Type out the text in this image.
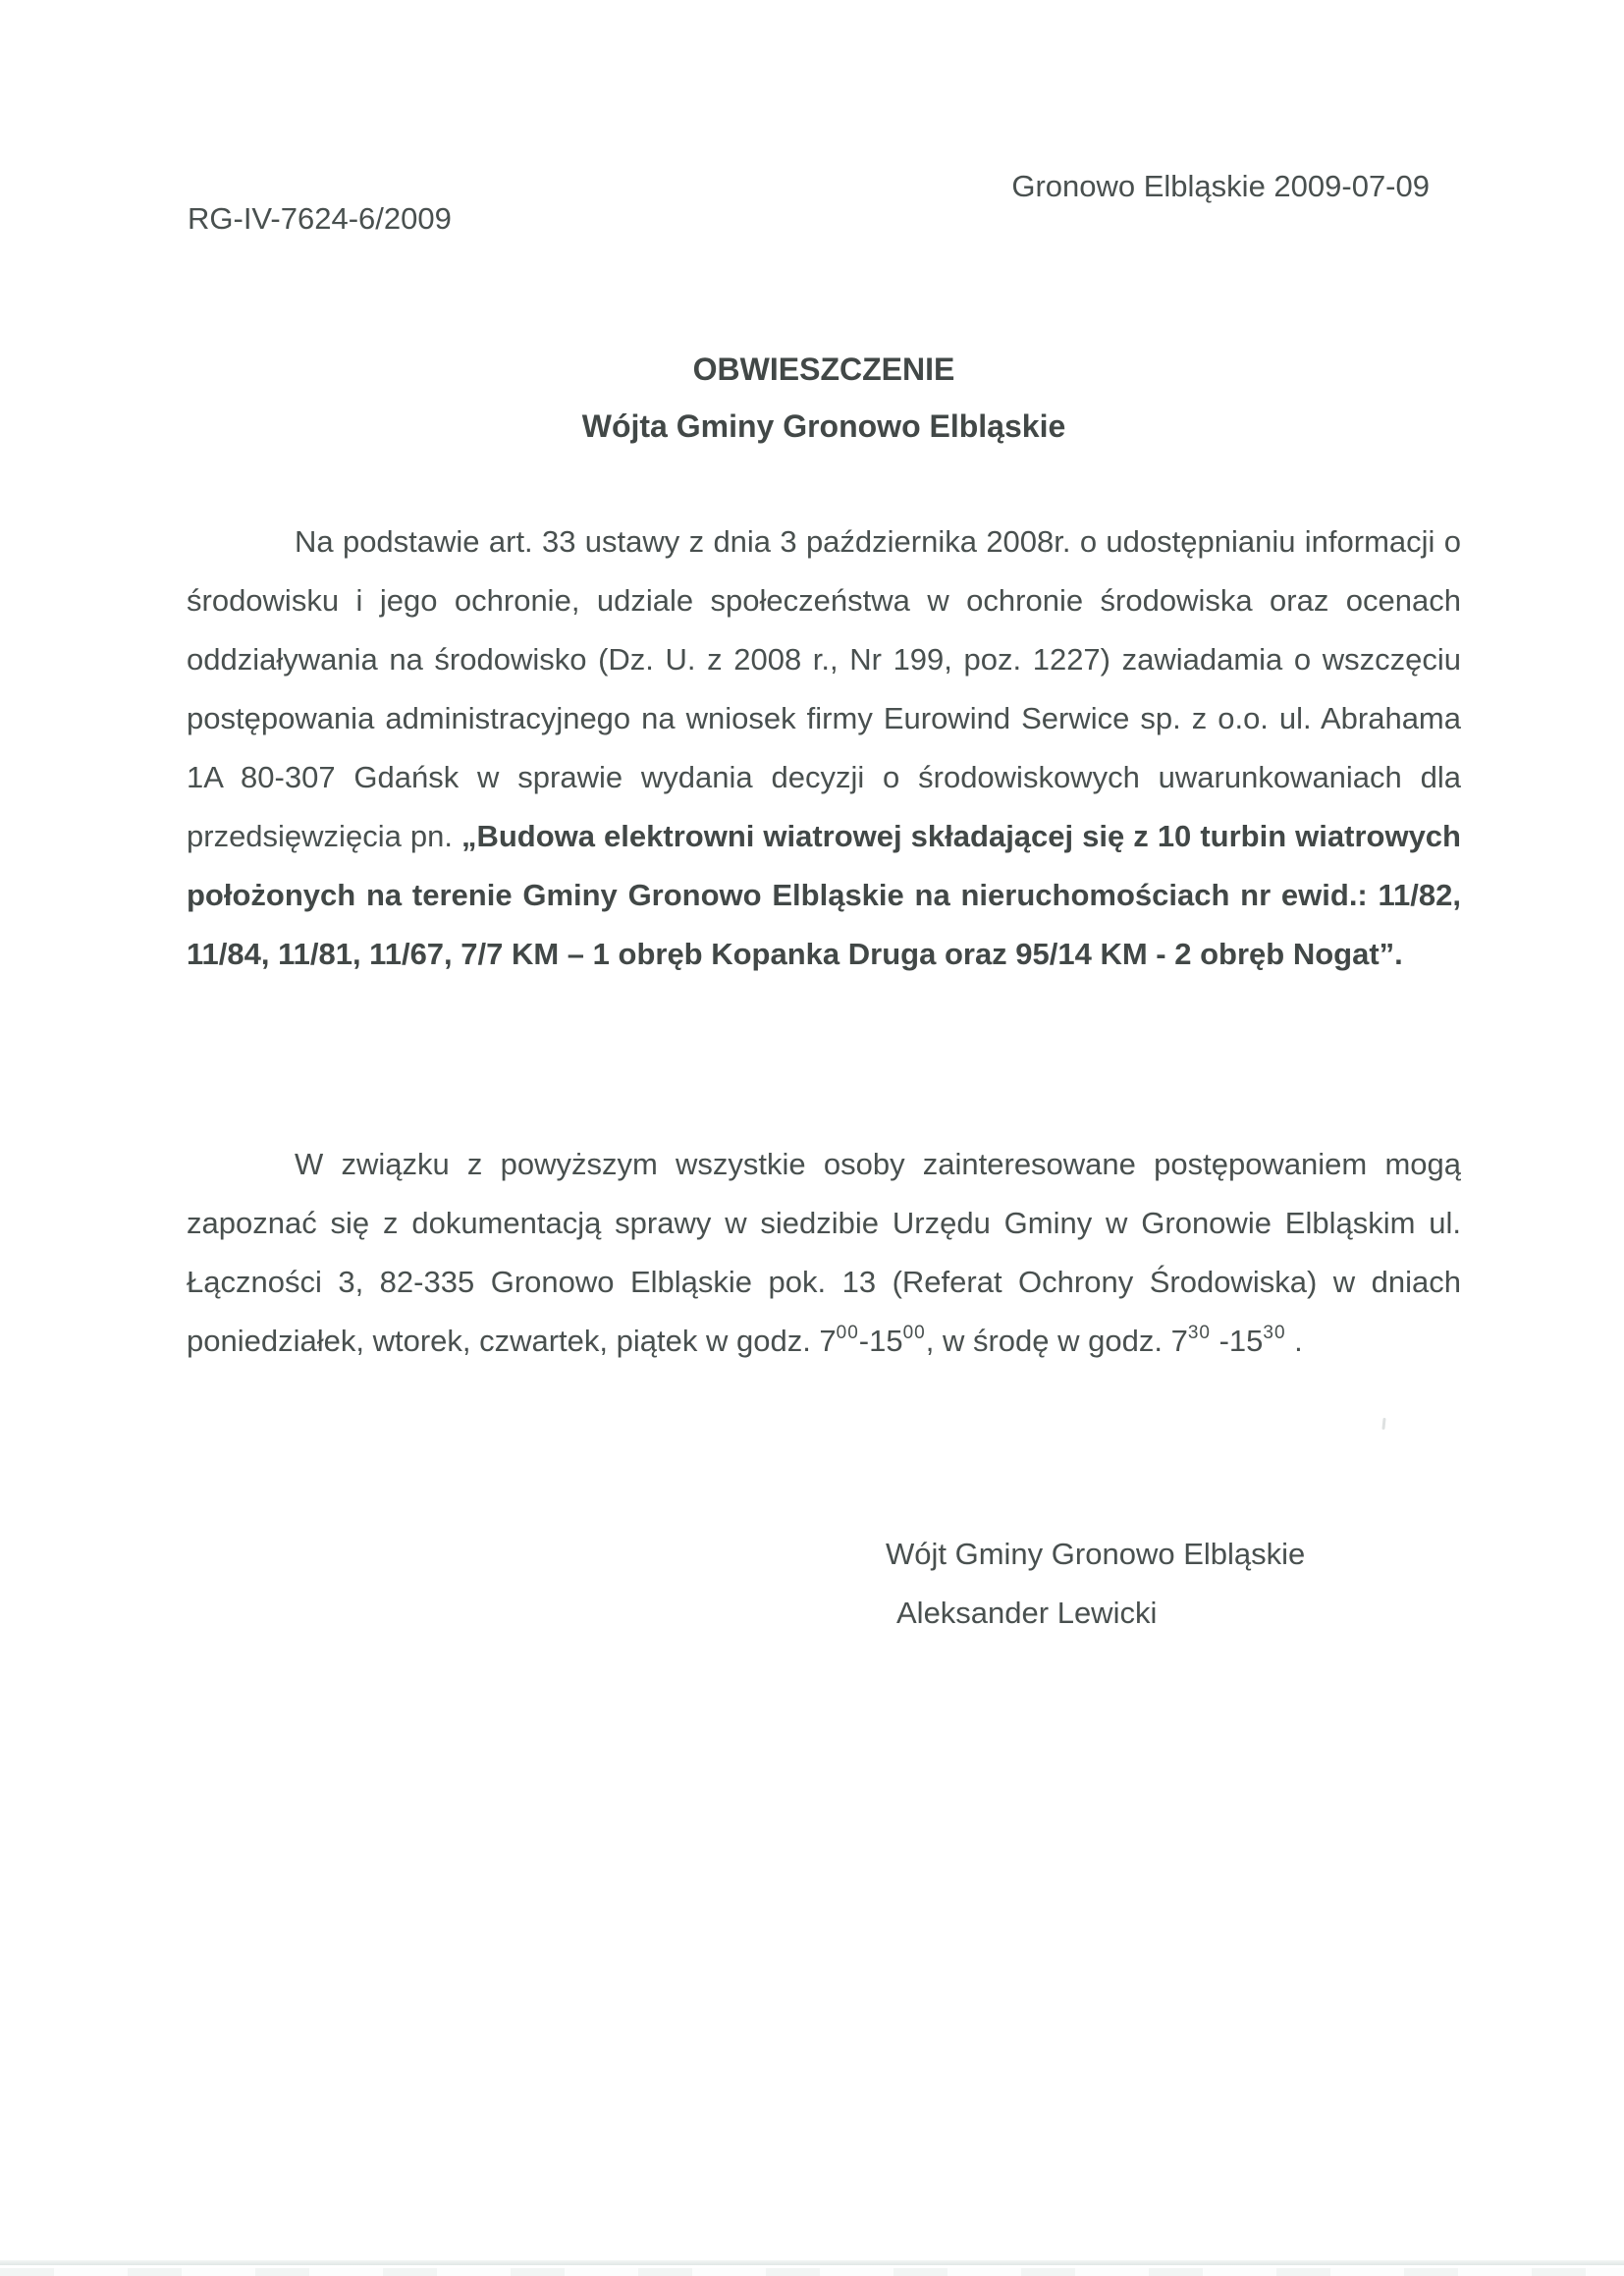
Gronowo Elbląskie 2009-07-09
RG-IV-7624-6/2009
OBWIESZCZENIE
Wójta Gminy Gronowo Elbląskie

Na podstawie art. 33 ustawy z dnia 3 października 2008r. o udostępnianiu informacji o środowisku i jego ochronie, udziale społeczeństwa w ochronie środowiska oraz ocenach oddziaływania na środowisko (Dz. U. z 2008 r., Nr 199, poz. 1227) zawiadamia o wszczęciu postępowania administracyjnego na wniosek firmy Eurowind Serwice sp. z o.o. ul. Abrahama 1A 80-307 Gdańsk w sprawie wydania decyzji o środowiskowych uwarunkowaniach dla przedsięwzięcia pn. „Budowa elektrowni wiatrowej składającej się z 10 turbin wiatrowych położonych na terenie Gminy Gronowo Elbląskie na nieruchomościach nr ewid.: 11/82, 11/84, 11/81, 11/67, 7/7 KM – 1 obręb Kopanka Druga oraz 95/14 KM - 2 obręb Nogat”.

W związku z powyższym wszystkie osoby zainteresowane postępowaniem mogą zapoznać się z dokumentacją sprawy w siedzibie Urzędu Gminy w Gronowie Elbląskim ul. Łączności 3, 82-335 Gronowo Elbląskie pok. 13 (Referat Ochrony Środowiska) w dniach poniedziałek, wtorek, czwartek, piątek w godz. $7^{00}-15^{00}$, w środę w godz. $7^{30}$ $-15^{30}$ .

Wójt Gminy Gronowo Elbląskie
Aleksander Lewicki
